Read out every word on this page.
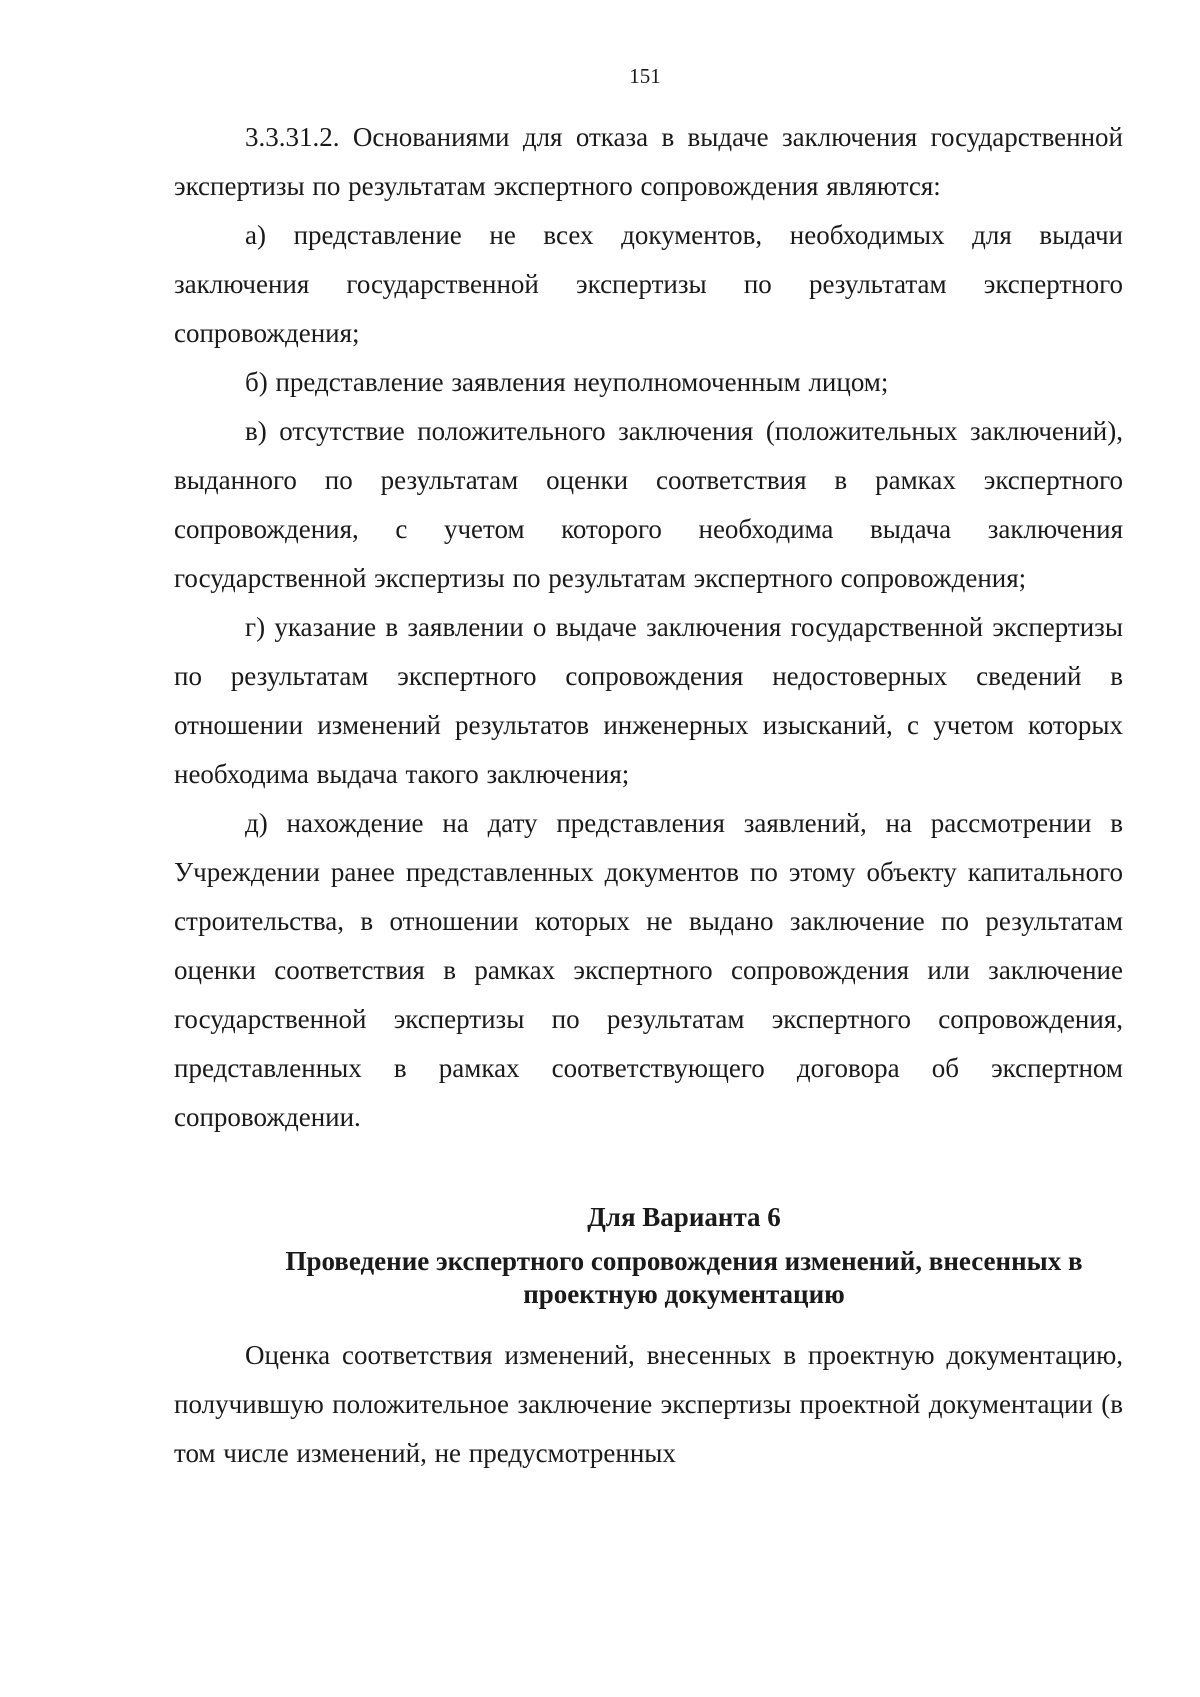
151

3.3.31.2. Основаниями для отказа в выдаче заключения государственной экспертизы по результатам экспертного сопровождения являются:

а) представление не всех документов, необходимых для выдачи заключения государственной экспертизы по результатам экспертного сопровождения;

б) представление заявления неуполномоченным лицом;

в) отсутствие положительного заключения (положительных заключений), выданного по результатам оценки соответствия в рамках экспертного сопровождения, с учетом которого необходима выдача заключения государственной экспертизы по результатам экспертного сопровождения;

г) указание в заявлении о выдаче заключения государственной экспертизы по результатам экспертного сопровождения недостоверных сведений в отношении изменений результатов инженерных изысканий, с учетом которых необходима выдача такого заключения;

д) нахождение на дату представления заявлений, на рассмотрении в Учреждении ранее представленных документов по этому объекту капитального строительства, в отношении которых не выдано заключение по результатам оценки соответствия в рамках экспертного сопровождения или заключение государственной экспертизы по результатам экспертного сопровождения, представленных в рамках соответствующего договора об экспертном сопровождении.

Для Варианта 6
Проведение экспертного сопровождения изменений, внесенных в
проектную документацию

Оценка соответствия изменений, внесенных в проектную документацию, получившую положительное заключение экспертизы проектной документации (в том числе изменений, не предусмотренных
